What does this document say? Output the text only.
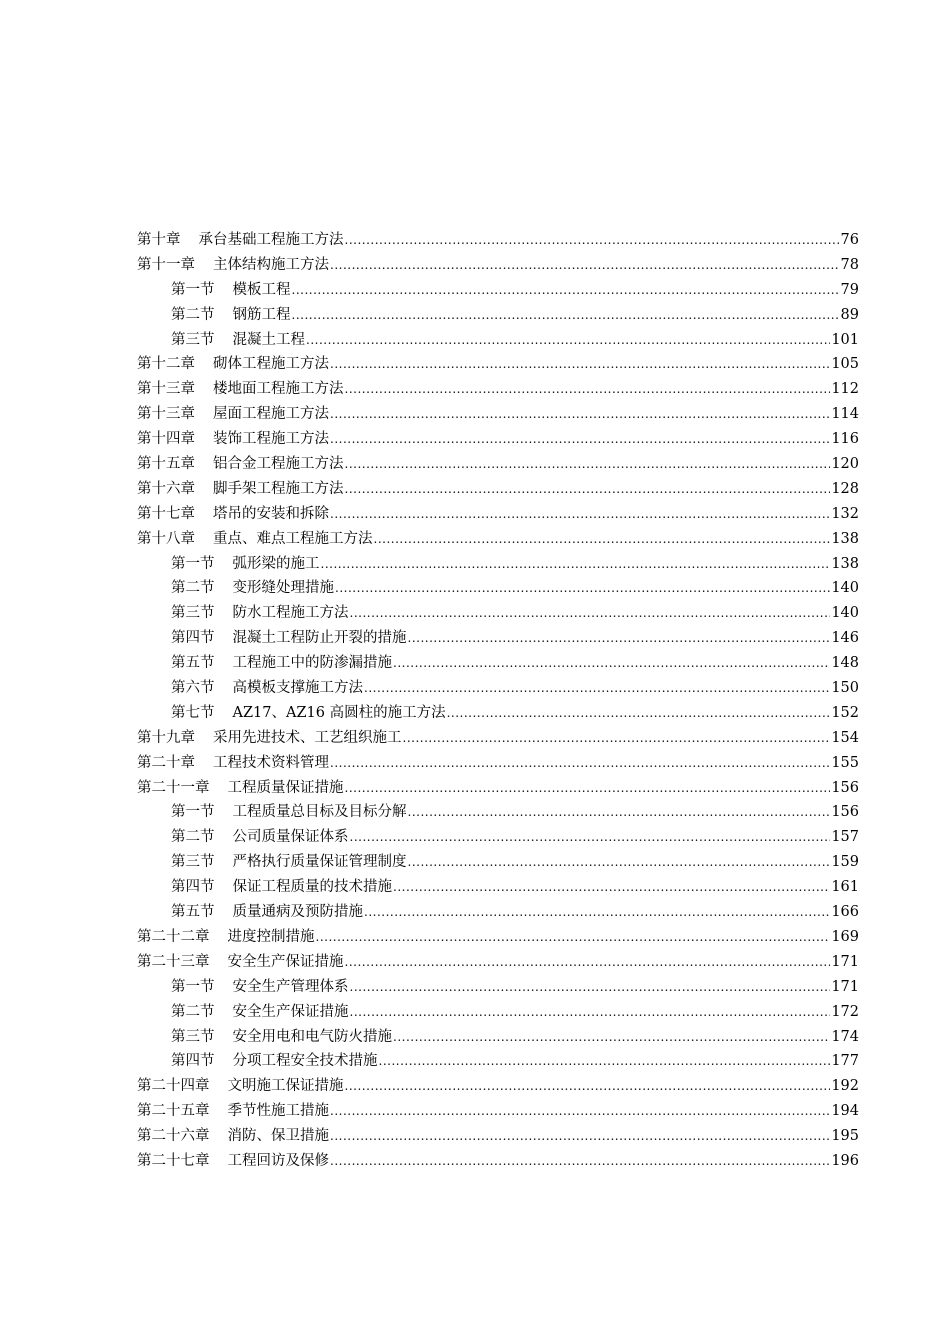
第十章 承台基础工程施工方法 .....	76
第十一章 主体结构施工方法 .....	78
第一节 模板工程 .....	79
第二节 钢筋工程 .....	89
第三节 混凝土工程 .....	101
第十二章 砌体工程施工方法 .....	105
第十三章 楼地面工程施工方法 .....	112
第十三章 屋面工程施工方法 .....	114
第十四章 装饰工程施工方法 .....	116
第十五章 铝合金工程施工方法 .....	120
第十六章 脚手架工程施工方法 .....	128
第十七章 塔吊的安装和拆除 .....	132
第十八章 重点、难点工程施工方法 .....	138
第一节 弧形梁的施工 .....	138
第二节 变形缝处理措施 .....	140
第三节 防水工程施工方法 .....	140
第四节 混凝土工程防止开裂的措施 .....	146
第五节 工程施工中的防渗漏措施 .....	148
第六节 高模板支撑施工方法 .....	150
第七节 AZ17、AZ16 高圆柱的施工方法 .....	152
第十九章 采用先进技术、工艺组织施工 .....	154
第二十章 工程技术资料管理 .....	155
第二十一章 工程质量保证措施 .....	156
第一节 工程质量总目标及目标分解 .....	156
第二节 公司质量保证体系 .....	157
第三节 严格执行质量保证管理制度 .....	159
第四节 保证工程质量的技术措施 .....	161
第五节 质量通病及预防措施 .....	166
第二十二章 进度控制措施 .....	169
第二十三章 安全生产保证措施 .....	171
第一节 安全生产管理体系 .....	171
第二节 安全生产保证措施 .....	172
第三节 安全用电和电气防火措施 .....	174
第四节 分项工程安全技术措施 .....	177
第二十四章 文明施工保证措施 .....	192
第二十五章 季节性施工措施 .....	194
第二十六章 消防、保卫措施 .....	195
第二十七章 工程回访及保修 .....	196
